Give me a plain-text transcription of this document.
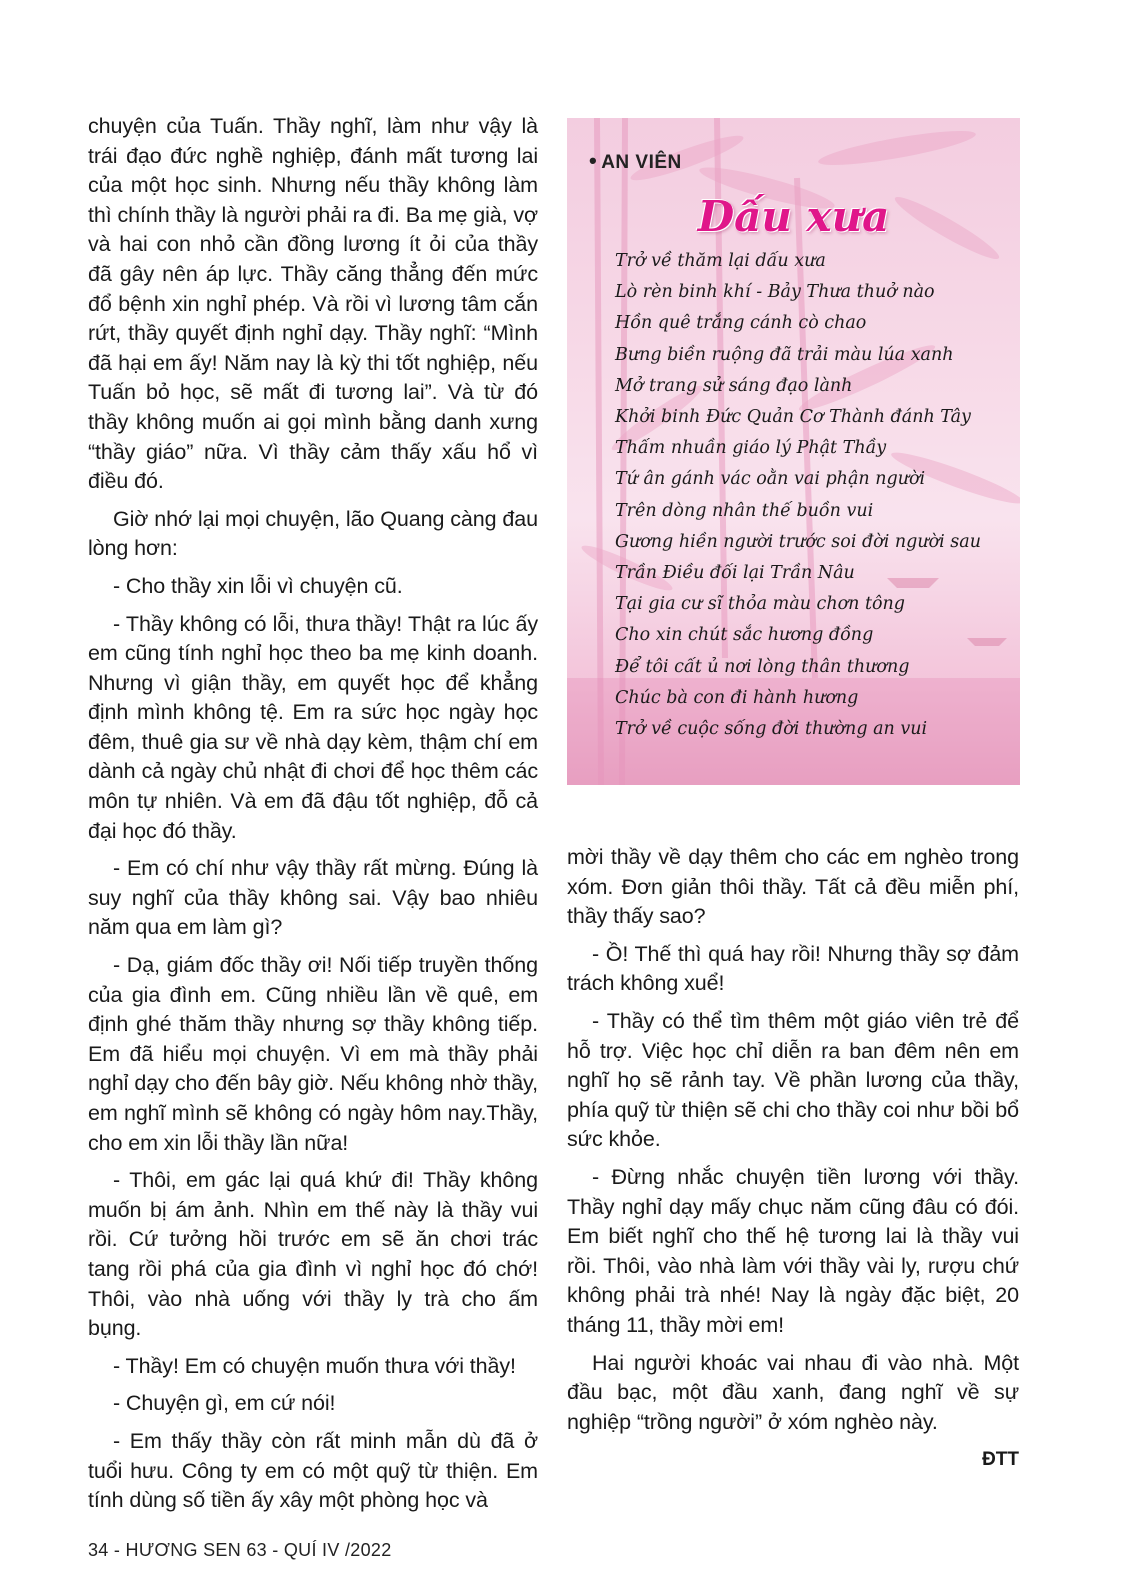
chuyện của Tuấn. Thầy nghĩ, làm như vậy là trái đạo đức nghề nghiệp, đánh mất tương lai của một học sinh. Nhưng nếu thầy không làm thì chính thầy là người phải ra đi. Ba mẹ già, vợ và hai con nhỏ cần đồng lương ít ỏi của thầy đã gây nên áp lực. Thầy căng thẳng đến mức đổ bệnh xin nghỉ phép. Và rồi vì lương tâm cắn rứt, thầy quyết định nghỉ dạy. Thầy nghĩ: “Mình đã hại em ấy! Năm nay là kỳ thi tốt nghiệp, nếu Tuấn bỏ học, sẽ mất đi tương lai”. Và từ đó thầy không muốn ai gọi mình bằng danh xưng “thầy giáo” nữa. Vì thầy cảm thấy xấu hổ vì điều đó.

Giờ nhớ lại mọi chuyện, lão Quang càng đau lòng hơn:

- Cho thầy xin lỗi vì chuyện cũ.

- Thầy không có lỗi, thưa thầy! Thật ra lúc ấy em cũng tính nghỉ học theo ba mẹ kinh doanh. Nhưng vì giận thầy, em quyết học để khẳng định mình không tệ. Em ra sức học ngày học đêm, thuê gia sư về nhà dạy kèm, thậm chí em dành cả ngày chủ nhật đi chơi để học thêm các môn tự nhiên. Và em đã đậu tốt nghiệp, đỗ cả đại học đó thầy.

- Em có chí như vậy thầy rất mừng. Đúng là suy nghĩ của thầy không sai. Vậy bao nhiêu năm qua em làm gì?

- Dạ, giám đốc thầy ơi! Nối tiếp truyền thống của gia đình em. Cũng nhiều lần về quê, em định ghé thăm thầy nhưng sợ thầy không tiếp. Em đã hiểu mọi chuyện. Vì em mà thầy phải nghỉ dạy cho đến bây giờ. Nếu không nhờ thầy, em nghĩ mình sẽ không có ngày hôm nay.Thầy, cho em xin lỗi thầy lần nữa!

- Thôi, em gác lại quá khứ đi! Thầy không muốn bị ám ảnh. Nhìn em thế này là thầy vui rồi. Cứ tưởng hồi trước em sẽ ăn chơi trác tang rồi phá của gia đình vì nghỉ học đó chớ! Thôi, vào nhà uống với thầy ly trà cho ấm bụng.

- Thầy! Em có chuyện muốn thưa với thầy!

- Chuyện gì, em cứ nói!

- Em thấy thầy còn rất minh mẫn dù đã ở tuổi hưu. Công ty em có một quỹ từ thiện. Em tính dùng số tiền ấy xây một phòng học và

• AN VIÊN
Dấu xưa
Trở về thăm lại dấu xưa
Lò rèn binh khí - Bảy Thưa thuở nào
Hồn quê trắng cánh cò chao
Bưng biền ruộng đã trải màu lúa xanh
Mở trang sử sáng đạo lành
Khởi binh Đức Quản Cơ Thành đánh Tây
Thấm nhuần giáo lý Phật Thầy
Tứ ân gánh vác oằn vai phận người
Trên dòng nhân thế buồn vui
Gương hiền người trước soi đời người sau
Trần Điều đối lại Trần Nâu
Tại gia cư sĩ thỏa màu chơn tông
Cho xin chút sắc hương đồng
Để tôi cất ủ nơi lòng thân thương
Chúc bà con đi hành hương
Trở về cuộc sống đời thường an vui

mời thầy về dạy thêm cho các em nghèo trong xóm. Đơn giản thôi thầy. Tất cả đều miễn phí, thầy thấy sao?

- Ồ! Thế thì quá hay rồi! Nhưng thầy sợ đảm trách không xuể!

- Thầy có thể tìm thêm một giáo viên trẻ để hỗ trợ. Việc học chỉ diễn ra ban đêm nên em nghĩ họ sẽ rảnh tay. Về phần lương của thầy, phía quỹ từ thiện sẽ chi cho thầy coi như bồi bổ sức khỏe.

- Đừng nhắc chuyện tiền lương với thầy. Thầy nghỉ dạy mấy chục năm cũng đâu có đói. Em biết nghĩ cho thế hệ tương lai là thầy vui rồi. Thôi, vào nhà làm với thầy vài ly, rượu chứ không phải trà nhé! Nay là ngày đặc biệt, 20 tháng 11, thầy mời em!

Hai người khoác vai nhau đi vào nhà. Một đầu bạc, một đầu xanh, đang nghĩ về sự nghiệp “trồng người” ở xóm nghèo này.

ĐTT
34 - HƯƠNG SEN 63 - QUÍ IV /2022
